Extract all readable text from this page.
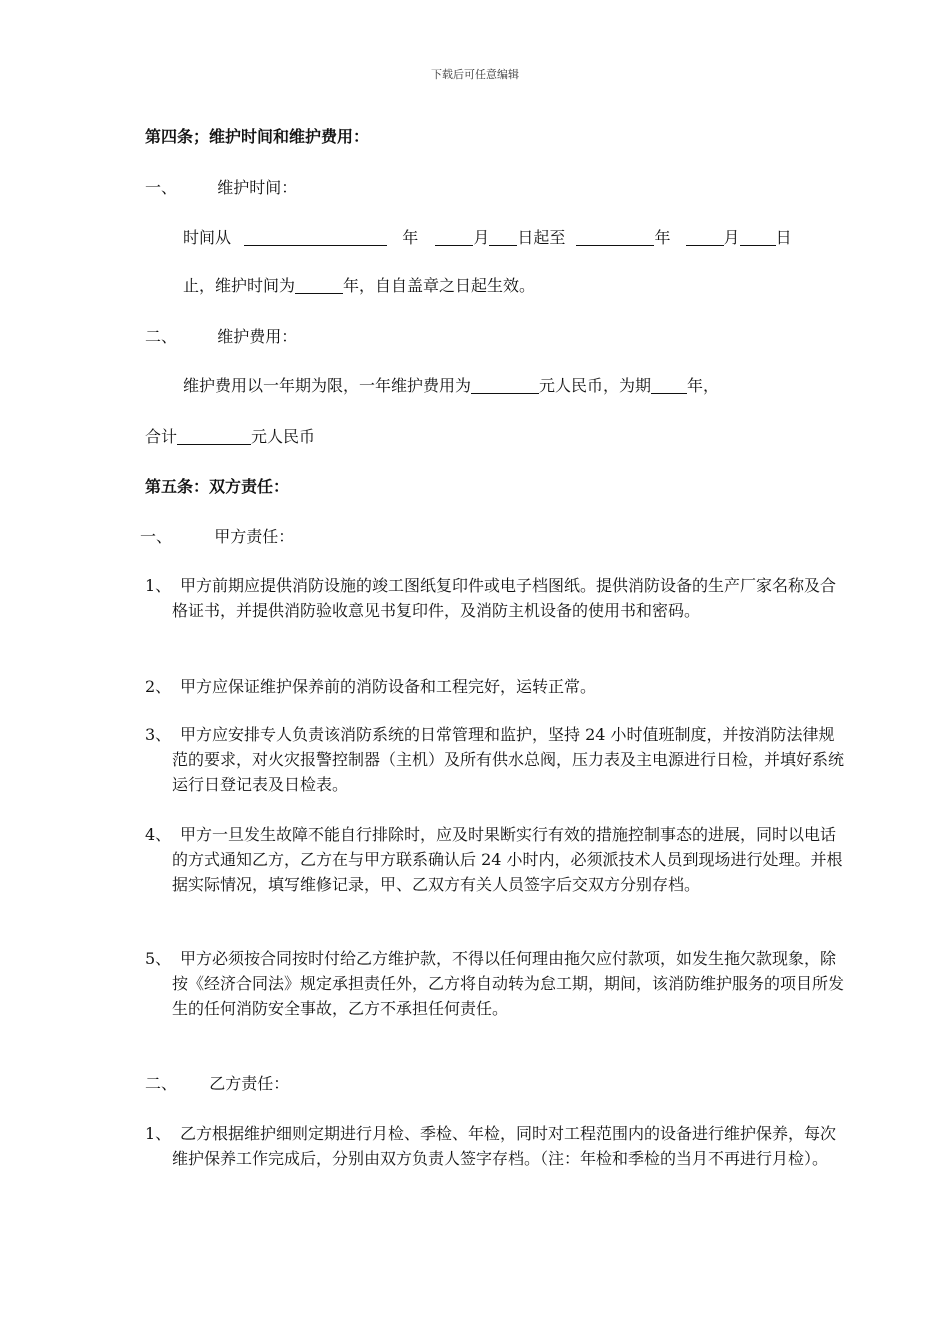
下载后可任意编辑
第四条；维护时间和维护费用：
一、	维护时间：
时间从	年	月 日起至	年	月 日
止，维护时间为	年，自自盖章之日起生效。
二、	维护费用：
维护费用以一年期为限，一年维护费用为	元人民币，为期 年，
合计	元人民币
第五条：双方责任：
一、	甲方责任：
1、 甲方前期应提供消防设施的竣工图纸复印件或电子档图纸。提供消防设备的生产厂家名称及合格证书，并提供消防验收意见书复印件，及消防主机设备的使用书和密码。
2、 甲方应保证维护保养前的消防设备和工程完好，运转正常。
3、 甲方应安排专人负责该消防系统的日常管理和监护，坚持 24 小时值班制度，并按消防法律规范的要求，对火灾报警控制器（主机）及所有供水总阀，压力表及主电源进行日检，并填好系统运行日登记表及日检表。
4、 甲方一旦发生故障不能自行排除时，应及时果断实行有效的措施控制事态的进展，同时以电话的方式通知乙方，乙方在与甲方联系确认后 24 小时内，必须派技术人员到现场进行处理。并根据实际情况，填写维修记录，甲、乙双方有关人员签字后交双方分别存档。
5、 甲方必须按合同按时付给乙方维护款，不得以任何理由拖欠应付款项，如发生拖欠款现象，除按《经济合同法》规定承担责任外，乙方将自动转为怠工期，期间，该消防维护服务的项目所发生的任何消防安全事故，乙方不承担任何责任。
二、 乙方责任：
1、 乙方根据维护细则定期进行月检、季检、年检，同时对工程范围内的设备进行维护保养，每次维护保养工作完成后，分别由双方负责人签字存档。（注：年检和季检的当月不再进行月检）。
